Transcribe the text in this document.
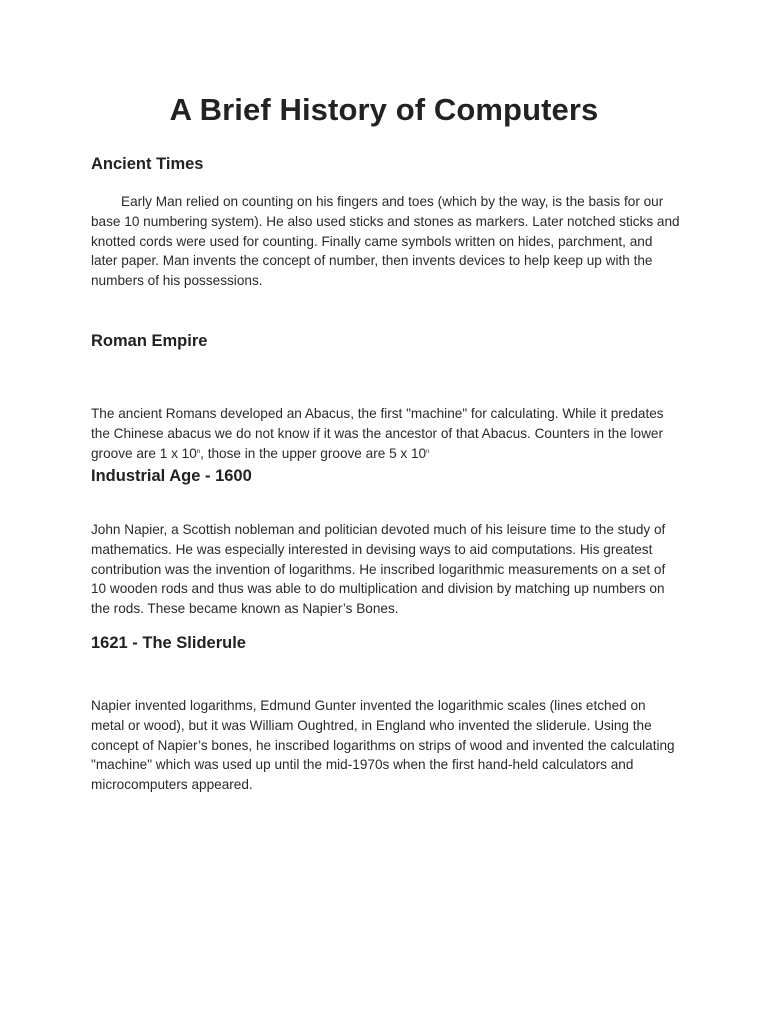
A Brief History of Computers
Ancient Times

Early Man relied on counting on his fingers and toes (which by the way, is the basis for our base 10 numbering system). He also used sticks and stones as markers. Later notched sticks and knotted cords were used for counting. Finally came symbols written on hides, parchment, and later paper. Man invents the concept of number, then invents devices to help keep up with the numbers of his possessions.

Roman Empire

The ancient Romans developed an Abacus, the first "machine" for calculating. While it predates the Chinese abacus we do not know if it was the ancestor of that Abacus. Counters in the lower groove are 1 x 10$^n$, those in the upper groove are 5 x 10$^n$

Industrial Age - 1600

John Napier, a Scottish nobleman and politician devoted much of his leisure time to the study of mathematics. He was especially interested in devising ways to aid computations. His greatest contribution was the invention of logarithms. He inscribed logarithmic measurements on a set of 10 wooden rods and thus was able to do multiplication and division by matching up numbers on the rods. These became known as Napier’s Bones.

1621 - The Sliderule

Napier invented logarithms, Edmund Gunter invented the logarithmic scales (lines etched on metal or wood), but it was William Oughtred, in England who invented the sliderule. Using the concept of Napier’s bones, he inscribed logarithms on strips of wood and invented the calculating "machine" which was used up until the mid-1970s when the first hand-held calculators and microcomputers appeared.
